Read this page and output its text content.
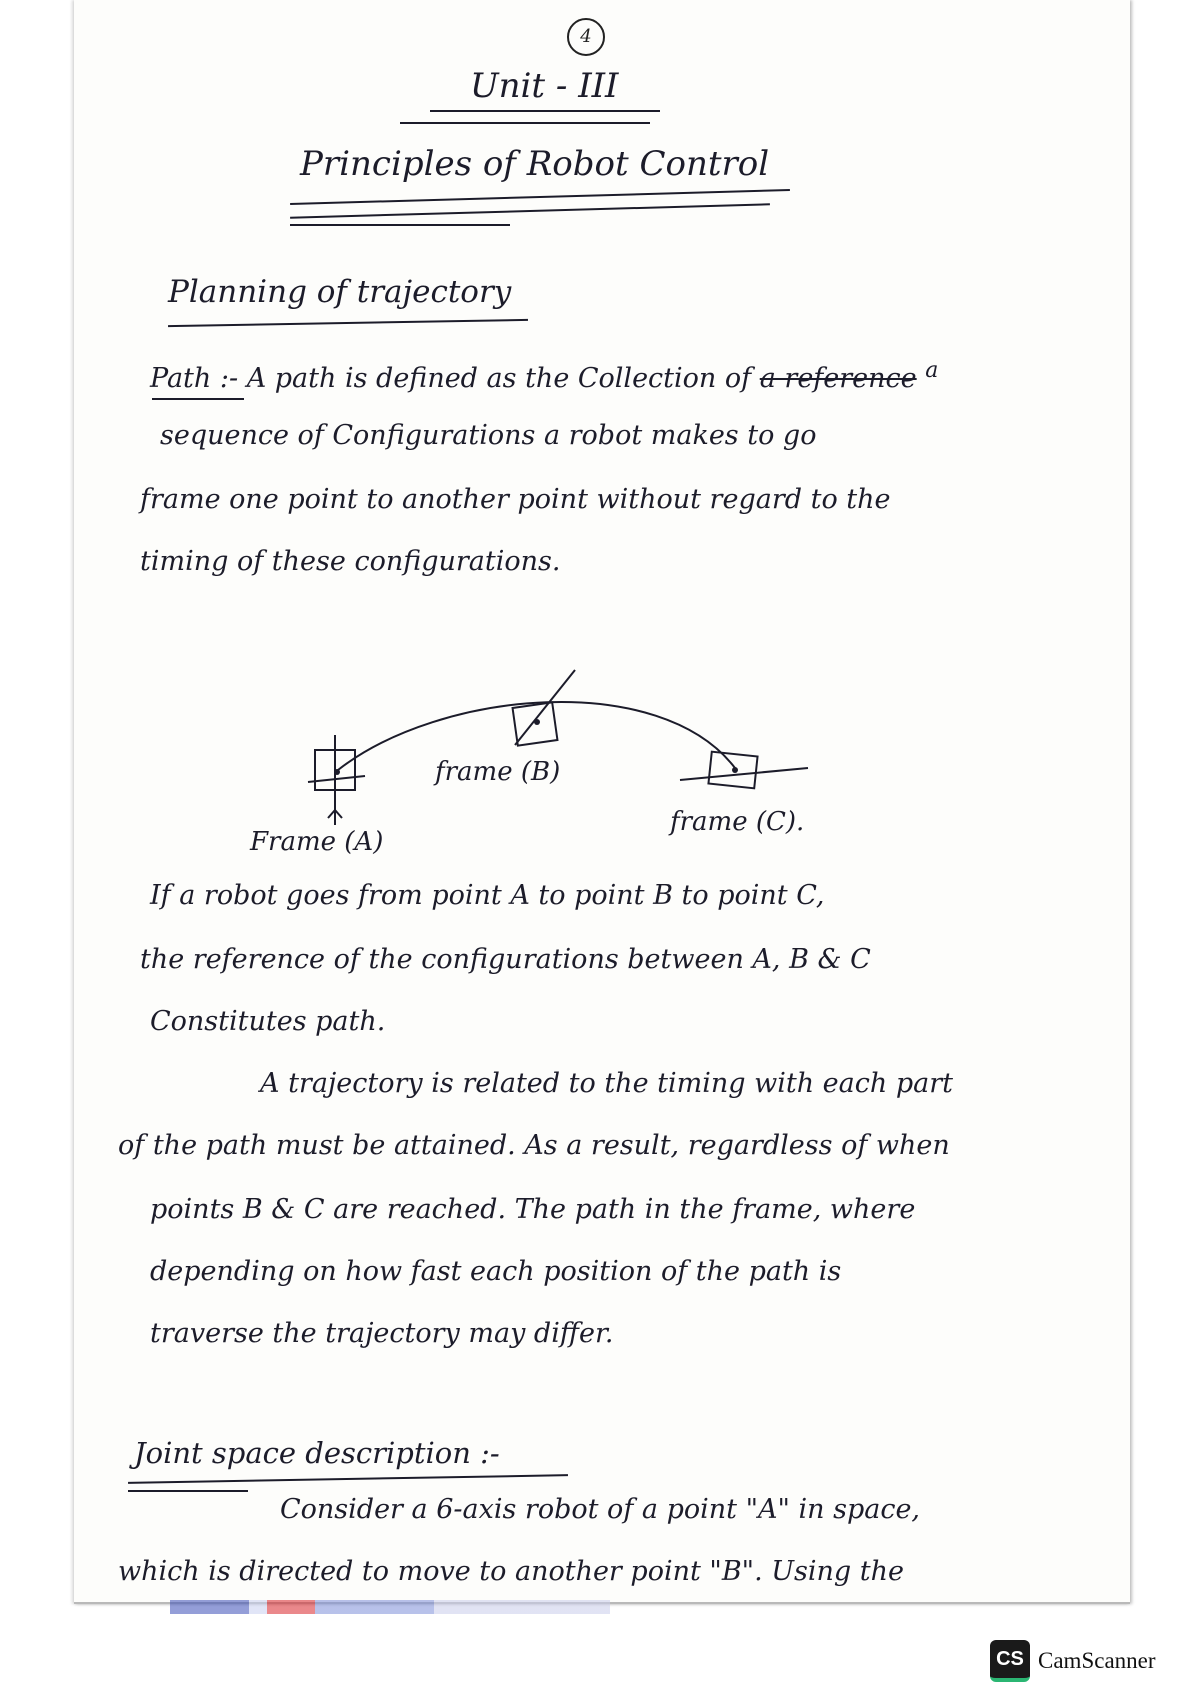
4
Unit - III
Principles of Robot Control
Planning of trajectory
Path :- A path is defined as the Collection of a reference $^a$
sequence of Configurations a robot makes to go
frame one point to another point without regard to the
timing of these configurations.
frame (B)
Frame (A)
frame (C).
If a robot goes from point A to point B to point C,
the reference of the configurations between A, B & C
Constitutes path.
A trajectory is related to the timing with each part
of the path must be attained. As a result, regardless of when
points B & C are reached. The path in the frame, where
depending on how fast each position of the path is
traverse the trajectory may differ.
Joint space description :-
Consider a 6-axis robot of a point "A" in space,
which is directed to move to another point "B". Using the
CS CamScanner
